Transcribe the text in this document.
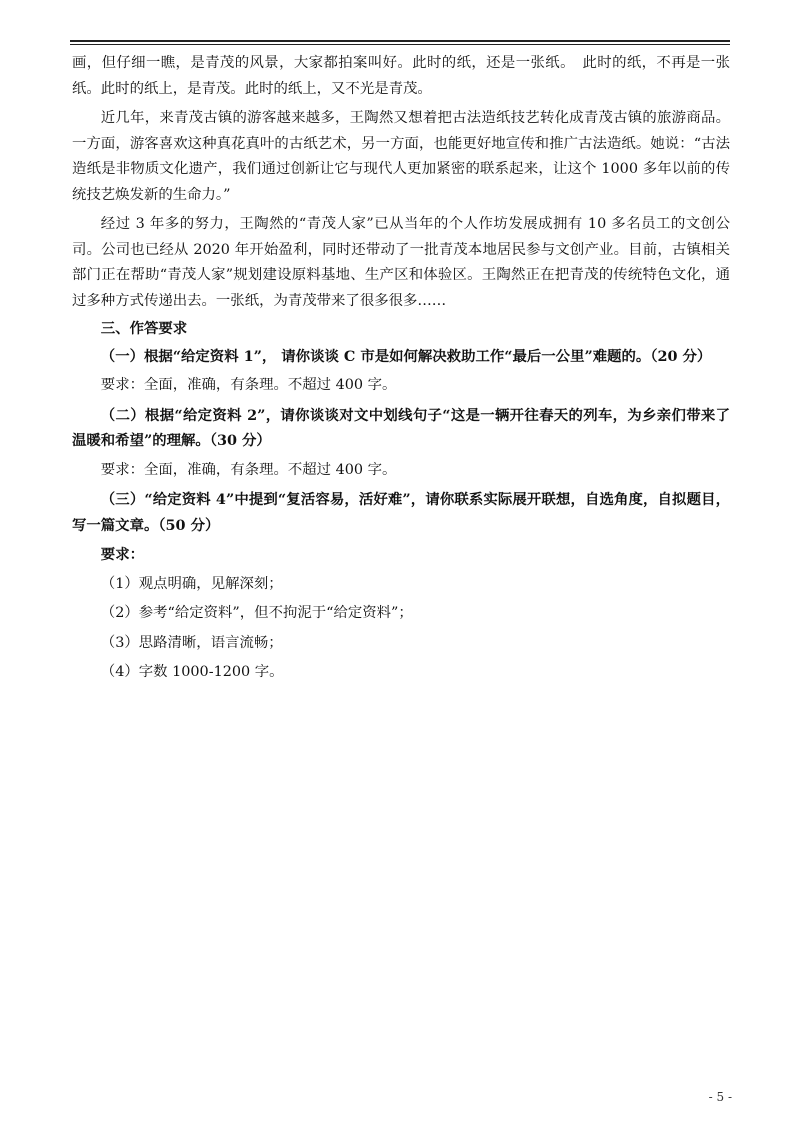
画，但仔细一瞧，是青茂的风景，大家都拍案叫好。此时的纸，还是一张纸。　此时的纸，不再是一张纸。此时的纸上，是青茂。此时的纸上，又不光是青茂。

近几年，来青茂古镇的游客越来越多，王陶然又想着把古法造纸技艺转化成青茂古镇的旅游商品。一方面，游客喜欢这种真花真叶的古纸艺术，另一方面，也能更好地宣传和推广古法造纸。她说：“古法造纸是非物质文化遗产，我们通过创新让它与现代人更加紧密的联系起来，让这个 1000 多年以前的传统技艺焕发新的生命力。”

经过 3 年多的努力，王陶然的“青茂人家”已从当年的个人作坊发展成拥有 10 多名员工的文创公司。公司也已经从 2020 年开始盈利，同时还带动了一批青茂本地居民参与文创产业。目前，古镇相关部门正在帮助“青茂人家”规划建设原料基地、生产区和体验区。王陶然正在把青茂的传统特色文化，通过多种方式传递出去。一张纸，为青茂带来了很多很多……

三、作答要求

（一）根据“给定资料 1”， 请你谈谈 C 市是如何解决救助工作“最后一公里”难题的。（20 分）

要求：全面，准确，有条理。不超过 400 字。

（二）根据“给定资料 2”，请你谈谈对文中划线句子“这是一辆开往春天的列车，为乡亲们带来了温暖和希望”的理解。（30 分）

要求：全面，准确，有条理。不超过 400 字。

（三）“给定资料 4”中提到“复活容易，活好难”，请你联系实际展开联想，自选角度，自拟题目，写一篇文章。（50 分）

要求：

（1）观点明确，见解深刻；

（2）参考“给定资料”，但不拘泥于“给定资料”；

（3）思路清晰，语言流畅；

（4）字数 1000-1200 字。

- 5 -
